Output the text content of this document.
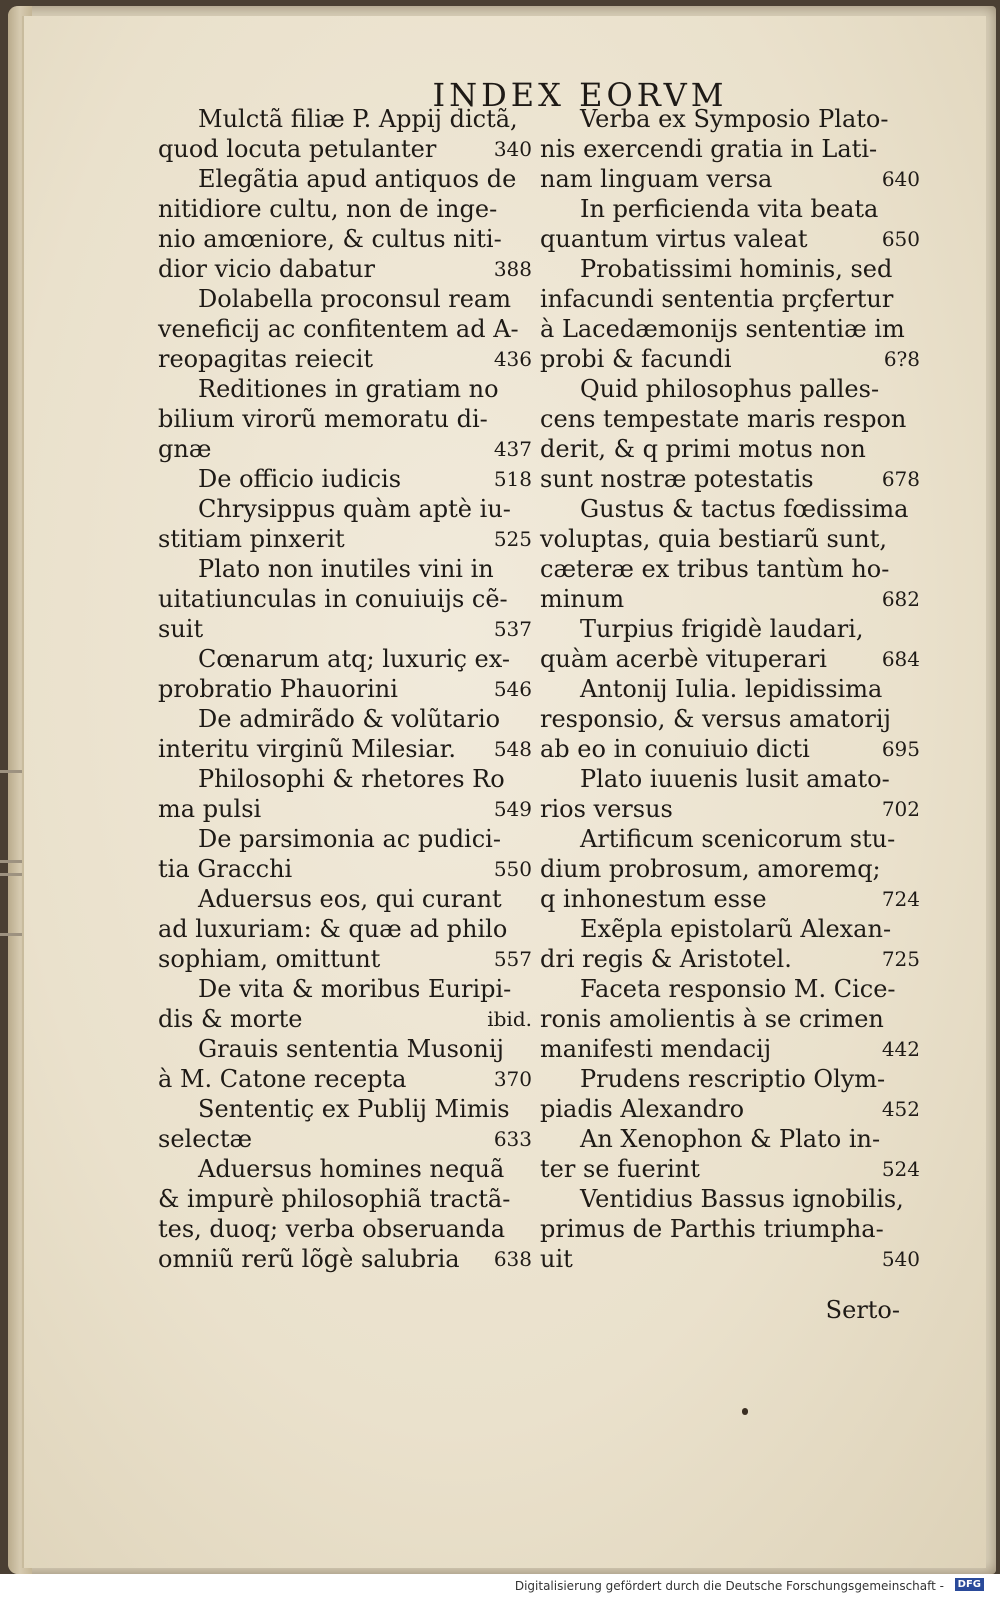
INDEX EORVM
Mulctã filiæ P. Appij dictã,
quod locuta petulanter	340
Elegãtia apud antiquos de
nitidiore cultu, non de inge-
nio amœniore, & cultus niti-
dior vicio dabatur	388
Dolabella proconsul ream
veneficij ac confitentem ad A-
reopagitas reiecit	436
Reditiones in gratiam no
bilium virorũ memoratu di-
gnæ	437
De officio iudicis	518
Chrysippus quàm aptè iu-
stitiam pinxerit	525
Plato non inutiles vini in
uitatiunculas in conuiuijs cẽ-
suit	537
Cœnarum atq; luxuriç ex-
probratio Phauorini	546
De admirãdo & volũtario
interitu virginũ Milesiar. 548
Philosophi & rhetores Ro
ma pulsi	549
De parsimonia ac pudici-
tia Gracchi	550
Aduersus eos, qui curant
ad luxuriam: & quæ ad philo
sophiam, omittunt	557
De vita & moribus Euripi-
dis & morte	ibid.
Grauis sententia Musonij
à M. Catone recepta	370
Sententiç ex Publij Mimis
selectæ	633
Aduersus homines nequã
& impurè philosophiã tractã-
tes, duoq; verba obseruanda
omniũ rerũ lõgè salubria 638
Verba ex Symposio Plato-
nis exercendi gratia in Lati-
nam linguam versa	640
In perficienda vita beata
quantum virtus valeat	650
Probatissimi hominis, sed
infacundi sententia prçfertur
à Lacedæmonijs sententiæ im
probi & facundi	6?8
Quid philosophus palles-
cens tempestate maris respon
derit, & q primi motus non
sunt nostræ potestatis	678
Gustus & tactus fœdissima
voluptas, quia bestiarũ sunt,
cæteræ ex tribus tantùm ho-
minum	682
Turpius frigidè laudari,
quàm acerbè vituperari	684
Antonij Iulia. lepidissima
responsio, & versus amatorij
ab eo in conuiuio dicti	695
Plato iuuenis lusit amato-
rios versus	702
Artificum scenicorum stu-
dium probrosum, amoremq;
q inhonestum esse	724
Exẽpla epistolarũ Alexan-
dri regis & Aristotel.	725
Faceta responsio M. Cice-
ronis amolientis à se crimen
manifesti mendacij	442
Prudens rescriptio Olym-
piadis Alexandro	452
An Xenophon & Plato in-
ter se fuerint	524
Ventidius Bassus ignobilis,
primus de Parthis triumpha-
uit	540
Serto-
Digitalisierung gefördert durch die Deutsche Forschungsgemeinschaft -	DFG
